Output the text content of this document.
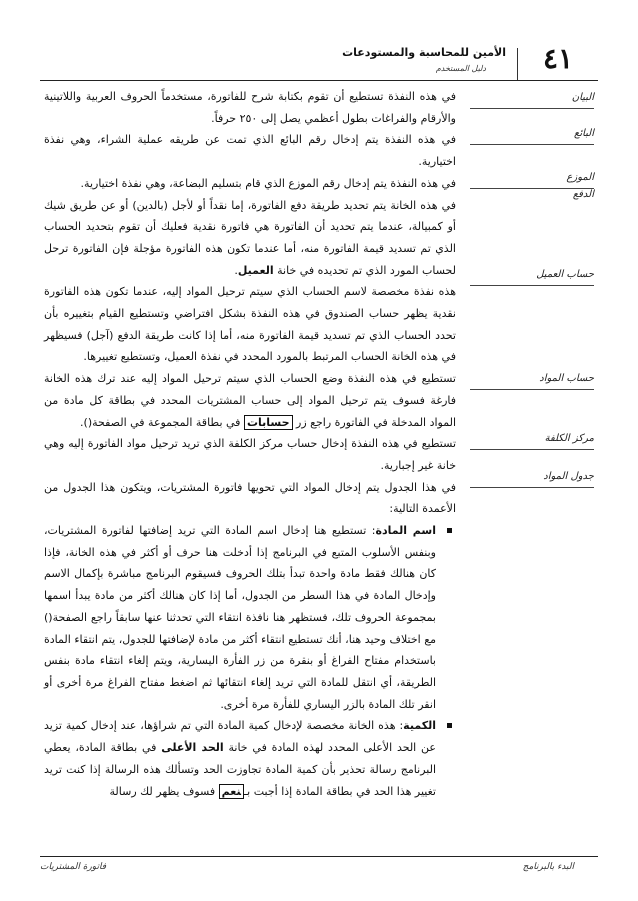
٤١
الأمين للمحاسبة والمستودعات
دليل المستخدم
البيان
البائع
الموزع
الدفع
حساب العميل
حساب المواد
مركز الكلفة
جدول المواد

في هذه النفذة تستطيع أن تقوم بكتابة شرح للفاتورة، مستخدماً الحروف العربية واللاتينية والأرقام والفراغات بطول أعظمي يصل إلى ٢٥٠ حرفاً.

في هذه النفذة يتم إدخال رقم البائع الذي تمت عن طريقه عملية الشراء، وهي نفذة اختيارية.

في هذه النفذة يتم إدخال رقم الموزع الذي قام بتسليم البضاعة، وهي نفذة اختيارية.

في هذه الخانة يتم تحديد طريقة دفع الفاتورة، إما نقداً أو لأجل (بالدين) أو عن طريق شيك أو كمبيالة، عندما يتم تحديد أن الفاتورة هي فاتورة نقدية فعليك أن تقوم بتحديد الحساب الذي تم تسديد قيمة الفاتورة منه، أما عندما تكون هذه الفاتورة مؤجلة فإن الفاتورة ترحل لحساب المورد الذي تم تحديده في خانة العميل.

هذه نفذة مخصصة لاسم الحساب الذي سيتم ترحيل المواد إليه، عندما تكون هذه الفاتورة نقدية يظهر حساب الصندوق في هذه النفذة بشكل افتراضي وتستطيع القيام بتغييره بأن تحدد الحساب الذي تم تسديد قيمة الفاتورة منه، أما إذا كانت طريقة الدفع (آجل) فسيظهر في هذه الخانة الحساب المرتبط بالمورد المحدد في نفذة العميل، وتستطيع تغييرها.

تستطيع في هذه النفذة وضع الحساب الذي سيتم ترحيل المواد إليه عند ترك هذه الخانة فارغة فسوف يتم ترحيل المواد إلى حساب المشتريات المحدد في بطاقة كل مادة من المواد المدخلة في الفاتورة راجع زر حسابات في بطاقة المجموعة في الصفحة().

تستطيع في هذه النفذة إدخال حساب مركز الكلفة الذي تريد ترحيل مواد الفاتورة إليه وهي خانة غير إجبارية.

في هذا الجدول يتم إدخال المواد التي تحويها فاتورة المشتريات، ويتكون هذا الجدول من الأعمدة التالية:

اسم المادة: تستطيع هنا إدخال اسم المادة التي تريد إضافتها لفاتورة المشتريات، وبنفس الأسلوب المتبع في البرنامج إذا أدخلت هنا حرف أو أكثر في هذه الخانة، فإذا كان هنالك فقط مادة واحدة تبدأ بتلك الحروف فسيقوم البرنامج مباشرة بإكمال الاسم وإدخال المادة في هذا السطر من الجدول، أما إذا كان هنالك أكثر من مادة يبدأ اسمها بمجموعة الحروف تلك، فستظهر هنا نافذة انتقاء التي تحدثنا عنها سابقاً راجع الصفحة() مع اختلاف وحيد هنا، أنك تستطيع انتقاء أكثر من مادة لإضافتها للجدول، يتم انتقاء المادة باستخدام مفتاح الفراغ أو بنقرة من زر الفأرة اليسارية، ويتم إلغاء انتقاء مادة بنفس الطريقة، أي انتقل للمادة التي تريد إلغاء انتقائها ثم اضغط مفتاح الفراغ مرة أخرى أو انقر تلك المادة بالزر اليساري للفأرة مرة أخرى.

الكمية: هذه الخانة مخصصة لإدخال كمية المادة التي تم شراؤها، عند إدخال كمية تزيد عن الحد الأعلى المحدد لهذه المادة في خانة الحد الأعلى في بطاقة المادة، يعطي البرنامج رسالة تحذير بأن كمية المادة تجاوزت الحد وتسألك هذه الرسالة إذا كنت تريد تغيير هذا الحد في بطاقة المادة إذا أجبت بـنعم فسوف يظهر لك رسالة

البدء بالبرنامج
فاتورة المشتريات
